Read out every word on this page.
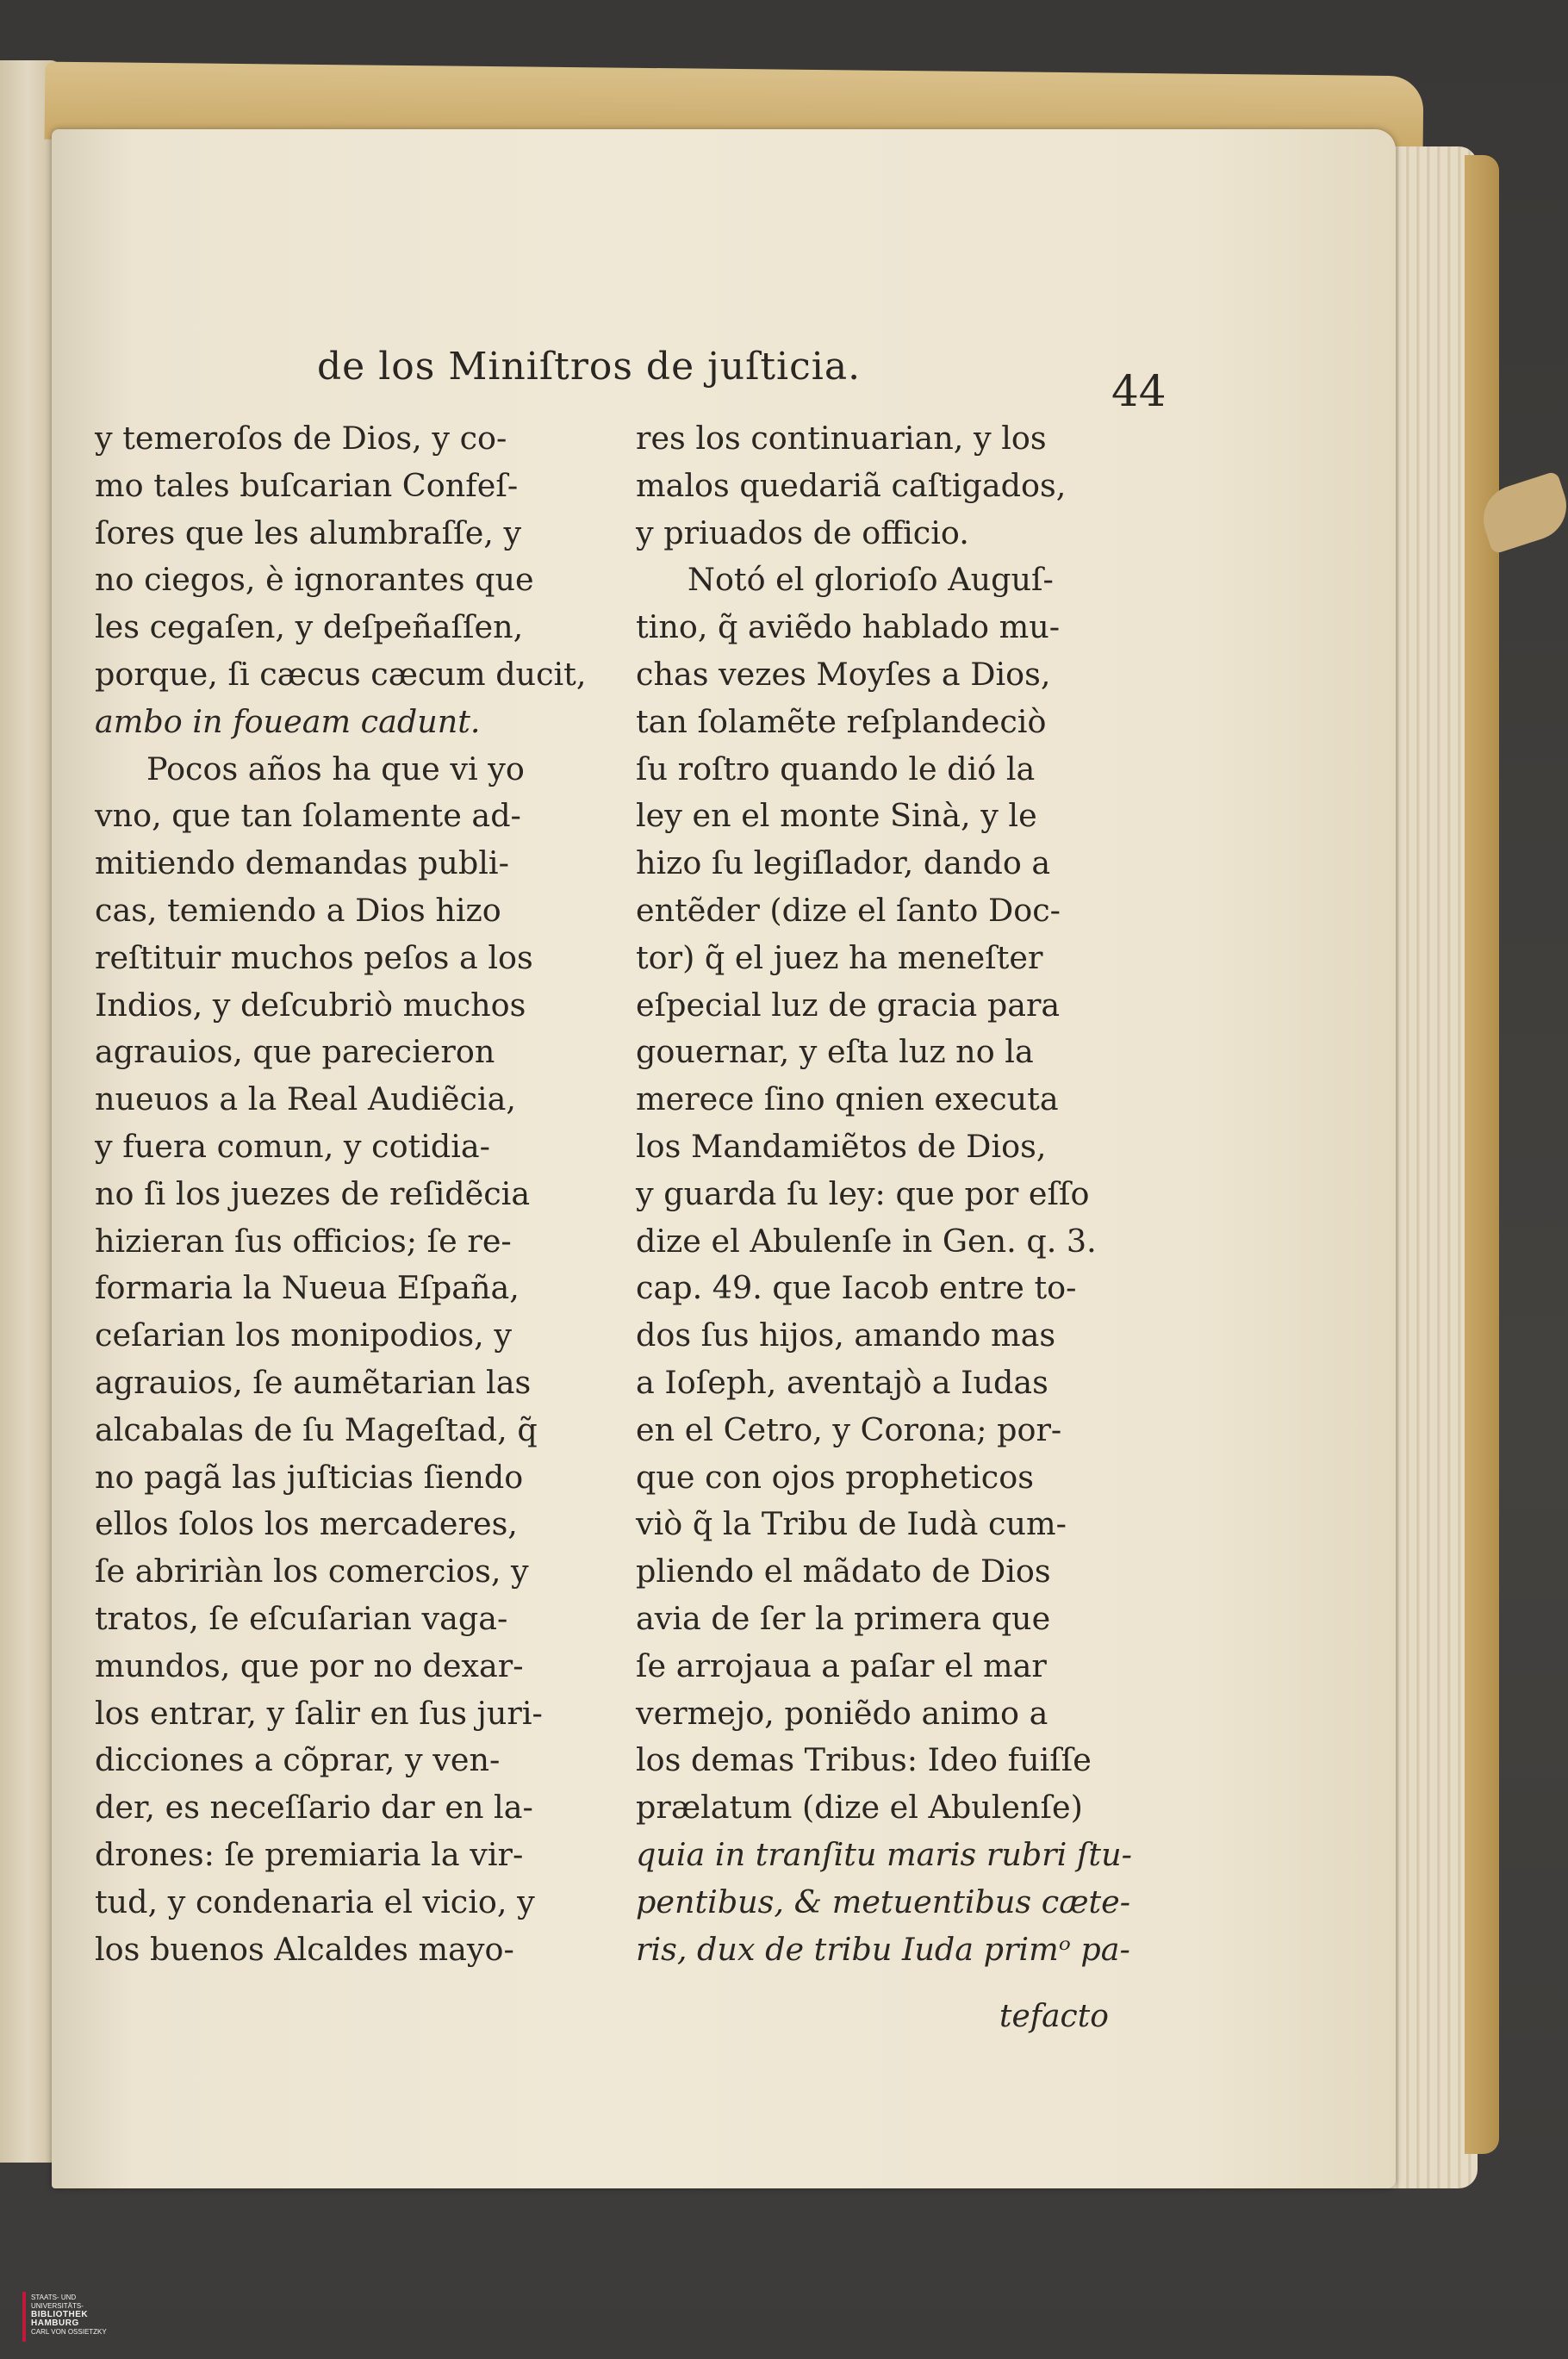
de los Miniſtros de juſticia.	44
y temeroſos de Dios, y co-
mo tales buſcarian Confeſ-
ſores que les alumbraſſe, y
no ciegos, è ignorantes que
les cegaſen, y deſpeñaſſen,
porque, ſi cæcus cæcum ducit,
ambo in foueam cadunt.
Pocos años ha que vi yo
vno, que tan ſolamente ad-
mitiendo demandas publi-
cas, temiendo a Dios hizo
reſtituir muchos peſos a los
Indios, y deſcubriò muchos
agrauios, que parecieron
nueuos a la Real Audiẽcia,
y fuera comun, y cotidia-
no ſi los juezes de reſidẽcia
hizieran ſus officios; ſe re-
formaria la Nueua Eſpaña,
ceſarian los monipodios, y
agrauios, ſe aumẽtarian las
alcabalas de ſu Mageſtad, q̃
no pagã las juſticias ſiendo
ellos ſolos los mercaderes,
ſe abririàn los comercios, y
tratos, ſe eſcuſarian vaga-
mundos, que por no dexar-
los entrar, y ſalir en ſus juri-
dicciones a cõprar, y ven-
der, es neceſſario dar en la-
drones: ſe premiaria la vir-
tud, y condenaria el vicio, y
los buenos Alcaldes mayo-
res los continuarian, y los
malos quedariã caſtigados,
y priuados de officio.
Notó el glorioſo Auguſ-
tino, q̃ aviẽdo hablado mu-
chas vezes Moyſes a Dios,
tan ſolamẽte reſplandeciò
ſu roſtro quando le dió la
ley en el monte Sinà, y le
hizo ſu legiſlador, dando a
entẽder (dize el ſanto Doc-
tor) q̃ el juez ha meneſter
eſpecial luz de gracia para
gouernar, y eſta luz no la
merece ſino qnien executa
los Mandamiẽtos de Dios,
y guarda ſu ley: que por eſſo
dize el Abulenſe in Gen. q. 3.
cap. 49. que Iacob entre to-
dos ſus hijos, amando mas
a Ioſeph, aventajò a Iudas
en el Cetro, y Corona; por-
que con ojos propheticos
viò q̃ la Tribu de Iudà cum-
pliendo el mãdato de Dios
avia de ſer la primera que
ſe arrojaua a paſar el mar
vermejo, poniẽdo animo a
los demas Tribus: Ideo fuiſſe
prælatum (dize el Abulenſe)
quia in tranſitu maris rubri ſtu-
pentibus, & metuentibus cæte-
ris, dux de tribu Iuda primᵒ pa-
tefacto
STAATS- UND UNIVERSITÄTS-
BIBLIOTHEK
HAMBURG
CARL VON OSSIETZKY
